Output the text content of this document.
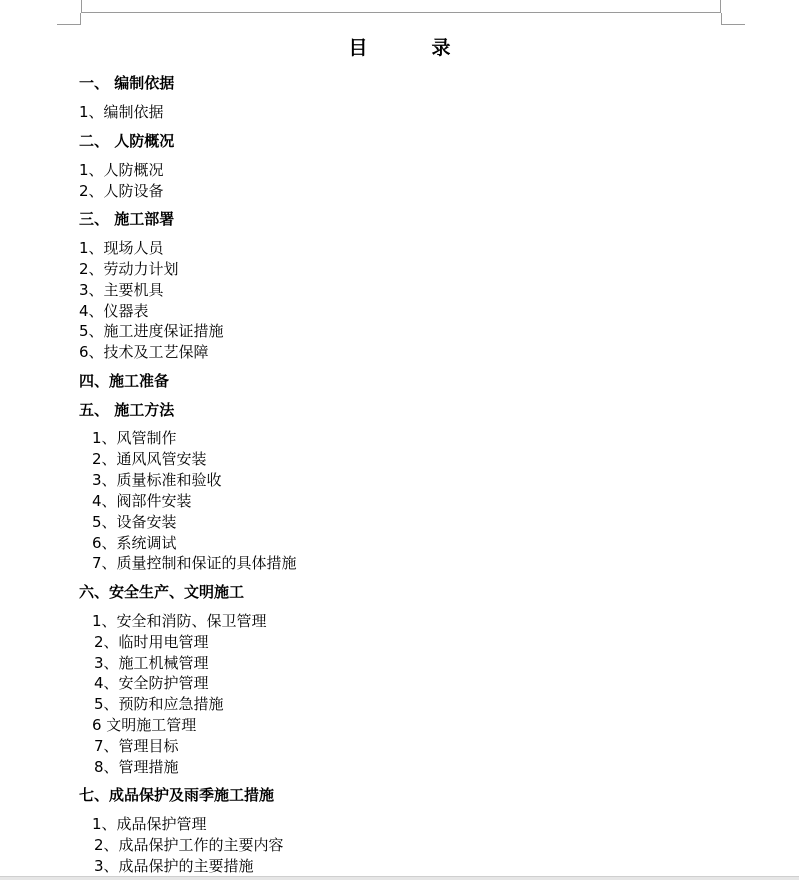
目	录
一、 编制依据
1、编制依据
二、 人防概况
1、人防概况
2、人防设备
三、 施工部署
1、现场人员
2、劳动力计划
3、主要机具
4、仪器表
5、施工进度保证措施
6、技术及工艺保障
四、施工准备
五、 施工方法
1、风管制作
2、通风风管安装
3、质量标准和验收
4、阀部件安装
5、设备安装
6、系统调试
7、质量控制和保证的具体措施
六、安全生产、文明施工
1、安全和消防、保卫管理
2、临时用电管理
3、施工机械管理
4、安全防护管理
5、预防和应急措施
6 文明施工管理
7、管理目标
8、管理措施
七、成品保护及雨季施工措施
1、成品保护管理
2、成品保护工作的主要内容
3、成品保护的主要措施
